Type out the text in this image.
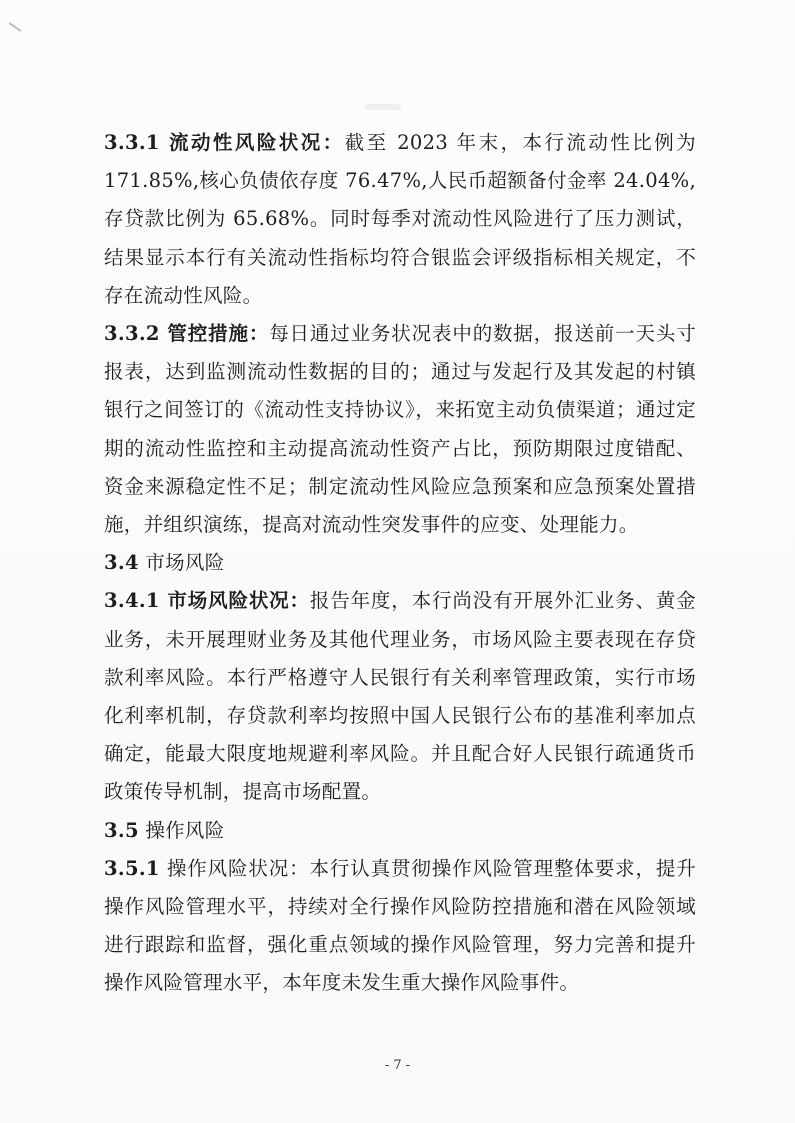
3.3.1 流动性风险状况：截至 2023 年末，本行流动性比例为 171.85%,核心负债依存度 76.47%,人民币超额备付金率 24.04%,存贷款比例为 65.68%。同时每季对流动性风险进行了压力测试，结果显示本行有关流动性指标均符合银监会评级指标相关规定，不存在流动性风险。

3.3.2 管控措施：每日通过业务状况表中的数据，报送前一天头寸报表，达到监测流动性数据的目的；通过与发起行及其发起的村镇银行之间签订的《流动性支持协议》，来拓宽主动负债渠道；通过定期的流动性监控和主动提高流动性资产占比，预防期限过度错配、资金来源稳定性不足；制定流动性风险应急预案和应急预案处置措施，并组织演练，提高对流动性突发事件的应变、处理能力。

3.4 市场风险

3.4.1 市场风险状况：报告年度，本行尚没有开展外汇业务、黄金业务，未开展理财业务及其他代理业务，市场风险主要表现在存贷款利率风险。本行严格遵守人民银行有关利率管理政策，实行市场化利率机制，存贷款利率均按照中国人民银行公布的基准利率加点确定，能最大限度地规避利率风险。并且配合好人民银行疏通货币政策传导机制，提高市场配置。

3.5 操作风险

3.5.1 操作风险状况：本行认真贯彻操作风险管理整体要求，提升操作风险管理水平，持续对全行操作风险防控措施和潜在风险领域进行跟踪和监督，强化重点领域的操作风险管理，努力完善和提升操作风险管理水平，本年度未发生重大操作风险事件。

- 7 -
